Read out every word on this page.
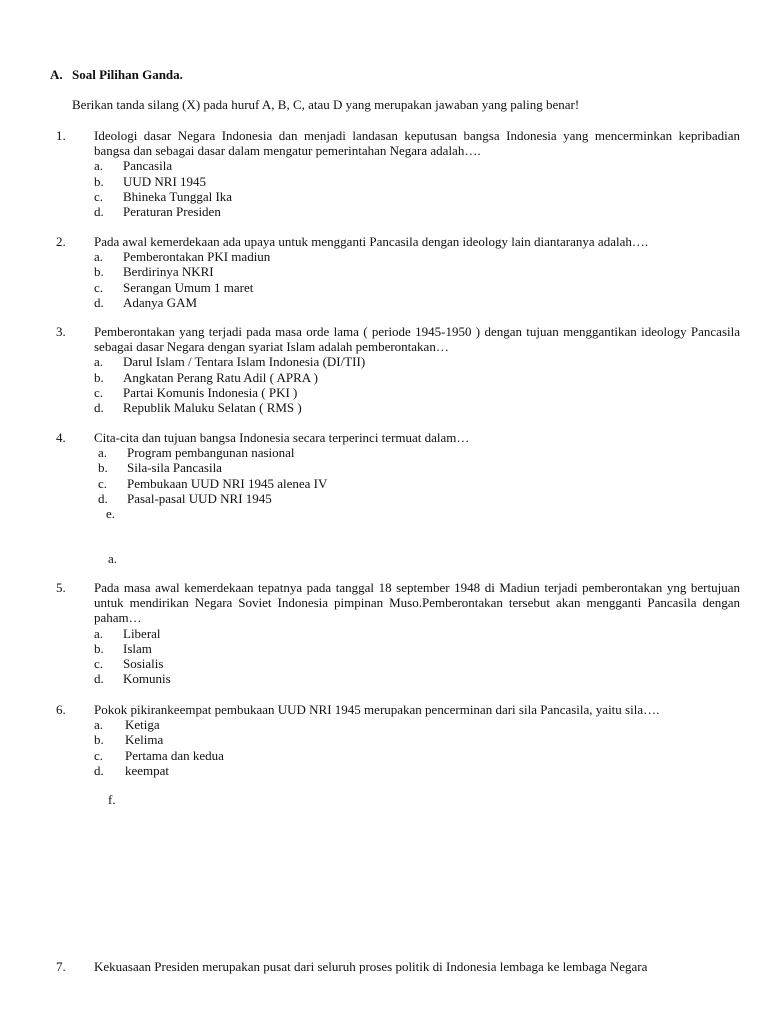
A. Soal Pilihan Ganda.
Berikan tanda silang (X) pada huruf A, B, C, atau D yang merupakan jawaban yang paling benar!
1.	Ideologi dasar Negara Indonesia dan menjadi landasan keputusan bangsa Indonesia yang mencerminkan kepribadian bangsa dan sebagai dasar dalam mengatur pemerintahan Negara adalah….
a.	Pancasila
b.	UUD NRI 1945
c.	Bhineka Tunggal Ika
d.	Peraturan Presiden
2.	Pada awal kemerdekaan ada upaya untuk mengganti Pancasila dengan ideology lain diantaranya adalah….
a.	Pemberontakan PKI madiun
b.	Berdirinya NKRI
c.	Serangan Umum 1 maret
d.	Adanya GAM
3.	Pemberontakan yang terjadi pada masa orde lama ( periode 1945-1950 ) dengan tujuan menggantikan ideology Pancasila sebagai dasar Negara dengan syariat Islam adalah pemberontakan…
a.	Darul Islam / Tentara Islam Indonesia (DI/TII)
b.	Angkatan Perang Ratu Adil ( APRA )
c.	Partai Komunis Indonesia ( PKI )
d.	Republik Maluku Selatan ( RMS )
4.	Cita-cita dan tujuan bangsa Indonesia secara terperinci termuat dalam…
a.	Program pembangunan nasional
b.	Sila-sila Pancasila
c.	Pembukaan UUD NRI 1945 alenea IV
d.	Pasal-pasal UUD NRI 1945
e.
a.
5.	Pada masa awal kemerdekaan tepatnya pada tanggal 18 september 1948 di Madiun terjadi pemberontakan yng bertujuan untuk mendirikan Negara Soviet Indonesia pimpinan Muso.Pemberontakan tersebut akan mengganti Pancasila dengan paham…
a.	Liberal
b.	Islam
c.	Sosialis
d.	Komunis
6.	Pokok pikirankeempat pembukaan UUD NRI 1945 merupakan pencerminan dari sila Pancasila, yaitu sila….
a.	Ketiga
b.	Kelima
c.	Pertama dan kedua
d.	keempat
f.
7.	Kekuasaan Presiden merupakan pusat dari seluruh proses politik di Indonesia lembaga ke lembaga Negara
